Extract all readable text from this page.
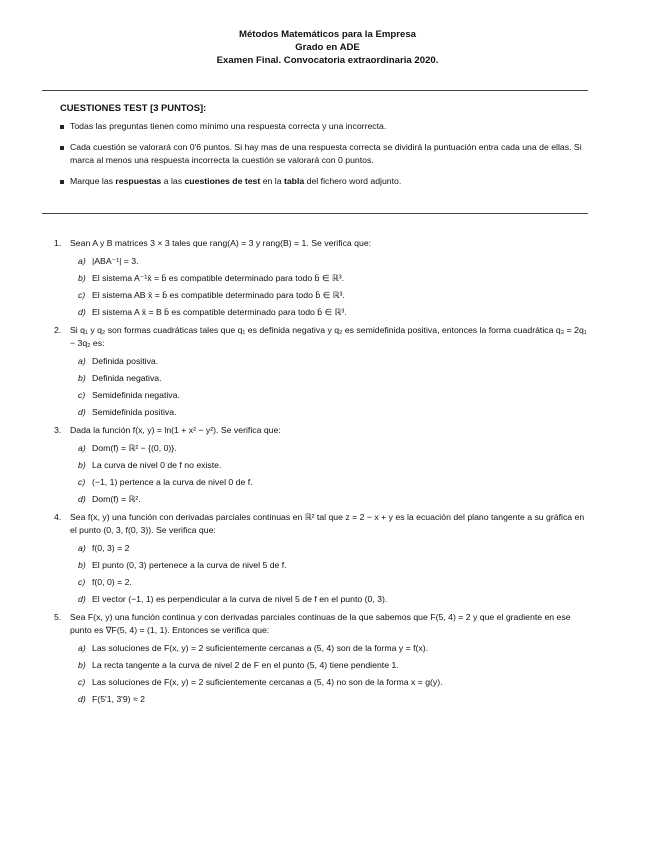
Métodos Matemáticos para la Empresa
Grado en ADE
Examen Final. Convocatoria extraordinaria 2020.
CUESTIONES TEST [3 PUNTOS]:
Todas las preguntas tienen como mínimo una respuesta correcta y una incorrecta.
Cada cuestión se valorará con 0'6 puntos. Si hay mas de una respuesta correcta se dividirá la puntuación entra cada una de ellas. Si marca al menos una respuesta incorrecta la cuestión se valorará con 0 puntos.
Marque las respuestas a las cuestiones de test en la tabla del fichero word adjunto.
1. Sean A y B matrices 3 × 3 tales que rang(A) = 3 y rang(B) = 1. Se verifica que:
a) |ABA⁻¹| = 3.
b) El sistema A⁻¹x̄ = b̄ es compatible determinado para todo b̄ ∈ ℝ³.
c) El sistema AB x̄ = b̄ es compatible determinado para todo b̄ ∈ ℝ³.
d) El sistema A x̄ = B b̄ es compatible determinado para todo b̄ ∈ ℝ³.
2. Si q₁ y q₂ son formas cuadráticas tales que q₁ es definida negativa y q₂ es semidefinida positiva, entonces la forma cuadrática q₃ = 2q₁ − 3q₂ es:
a) Definida positiva.
b) Definida negativa.
c) Semidefinida negativa.
d) Semidefinida positiva.
3. Dada la función f(x, y) = ln(1 + x² − y²). Se verifica que:
a) Dom(f) = ℝ² − {(0, 0)}.
b) La curva de nivel 0 de f no existe.
c) (−1, 1) pertence a la curva de nivel 0 de f.
d) Dom(f) = ℝ².
4. Sea f(x, y) una función con derivadas parciales continuas en ℝ² tal que z = 2 − x + y es la ecuación del plano tangente a su gráfica en el punto (0, 3, f(0, 3)). Se verifica que:
a) f(0, 3) = 2
b) El punto (0, 3) pertenece a la curva de nivel 5 de f.
c) f(0, 0) = 2.
d) El vector (−1, 1) es perpendicular a la curva de nivel 5 de f en el punto (0, 3).
5. Sea F(x, y) una función continua y con derivadas parciales continuas de la que sabemos que F(5, 4) = 2 y que el gradiente en ese punto es ∇F(5, 4) = (1, 1). Entonces se verifica que:
a) Las soluciones de F(x, y) = 2 suficientemente cercanas a (5, 4) son de la forma y = f(x).
b) La recta tangente a la curva de nivel 2 de F en el punto (5, 4) tiene pendiente 1.
c) Las soluciones de F(x, y) = 2 suficientemente cercanas a (5, 4) no son de la forma x = g(y).
d) F(5'1, 3'9) ≈ 2
